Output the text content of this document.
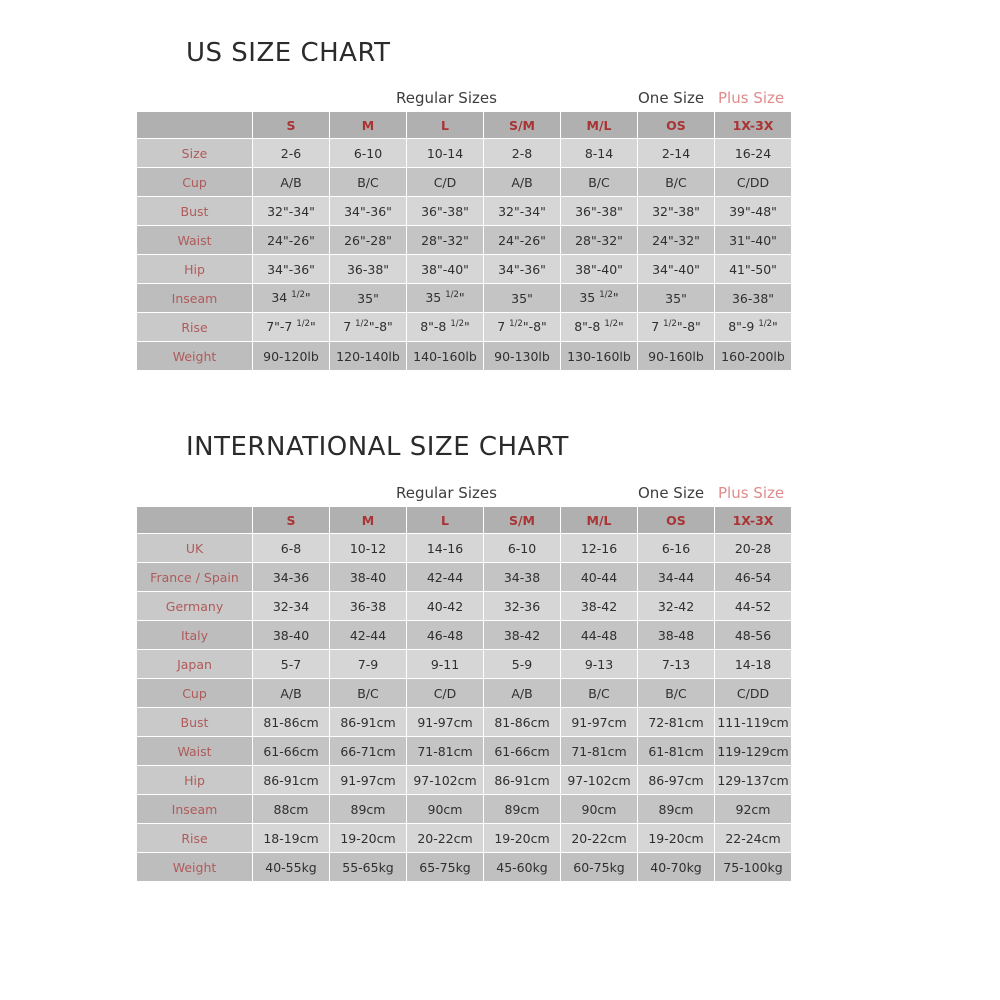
US SIZE CHART
Regular Sizes	One Size Plus Size
	S	M	L	S/M	M/L	OS	1X-3X
Size	2-6	6-10	10-14	2-8	8-14	2-14	16-24
Cup	A/B	B/C	C/D	A/B	B/C	B/C	C/DD
Bust	32"-34"	34"-36"	36"-38"	32"-34"	36"-38"	32"-38"	39"-48"
Waist	24"-26"	26"-28"	28"-32"	24"-26"	28"-32"	24"-32"	31"-40"
Hip	34"-36"	36-38"	38"-40"	34"-36"	38"-40"	34"-40"	41"-50"
Inseam	34 $^{1/2}$"	35"	35 $^{1/2}$"	35"	35 $^{1/2}$"	35"	36-38"
Rise	7"-7 $^{1/2}$"	7 $^{1/2}$"-8"	8"-8 $^{1/2}$"	7 $^{1/2}$"-8"	8"-8 $^{1/2}$"	7 $^{1/2}$"-8"	8"-9 $^{1/2}$"
Weight	90-120lb	120-140lb	140-160lb	90-130lb	130-160lb	90-160lb	160-200lb
INTERNATIONAL SIZE CHART
Regular Sizes	One Size Plus Size
	S	M	L	S/M	M/L	OS	1X-3X
UK	6-8	10-12	14-16	6-10	12-16	6-16	20-28
France / Spain	34-36	38-40	42-44	34-38	40-44	34-44	46-54
Germany	32-34	36-38	40-42	32-36	38-42	32-42	44-52
Italy	38-40	42-44	46-48	38-42	44-48	38-48	48-56
Japan	5-7	7-9	9-11	5-9	9-13	7-13	14-18
Cup	A/B	B/C	C/D	A/B	B/C	B/C	C/DD
Bust	81-86cm	86-91cm	91-97cm	81-86cm	91-97cm	72-81cm	111-119cm
Waist	61-66cm	66-71cm	71-81cm	61-66cm	71-81cm	61-81cm	119-129cm
Hip	86-91cm	91-97cm	97-102cm	86-91cm	97-102cm	86-97cm	129-137cm
Inseam	88cm	89cm	90cm	89cm	90cm	89cm	92cm
Rise	18-19cm	19-20cm	20-22cm	19-20cm	20-22cm	19-20cm	22-24cm
Weight	40-55kg	55-65kg	65-75kg	45-60kg	60-75kg	40-70kg	75-100kg
